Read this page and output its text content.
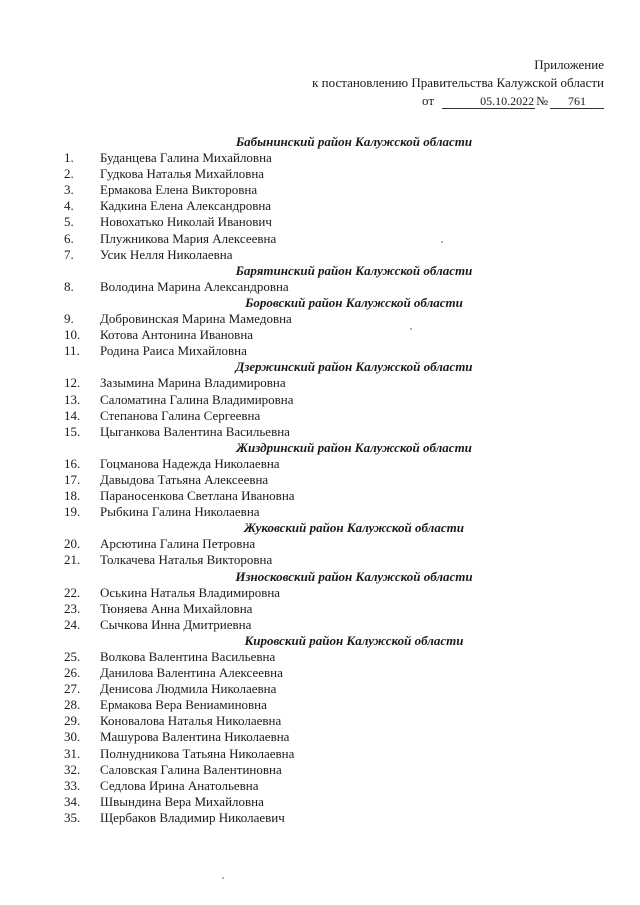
Приложение
к постановлению Правительства Калужской области
от	05.10.2022 №	761
Бабынинский район Калужской области
1.	Буданцева Галина Михайловна
2.	Гудкова Наталья Михайловна
3.	Ермакова Елена Викторовна
4.	Кадкина Елена Александровна
5.	Новохатько Николай Иванович
6.	Плужникова Мария Алексеевна
7.	Усик Нелля Николаевна
Барятинский район Калужской области
8.	Володина Марина Александровна
Боровский район Калужской области
9.	Добровинская Марина Мамедовна
10.	Котова Антонина Ивановна
11.	Родина Раиса Михайловна
Дзержинский район Калужской области
12.	Зазымина Марина Владимировна
13.	Саломатина Галина Владимировна
14.	Степанова Галина Сергеевна
15.	Цыганкова Валентина Васильевна
Жиздринский район Калужской области
16.	Гоцманова Надежда Николаевна
17.	Давыдова Татьяна Алексеевна
18.	Параносенкова Светлана Ивановна
19.	Рыбкина Галина Николаевна
Жуковский район Калужской области
20.	Арсютина Галина Петровна
21.	Толкачева Наталья Викторовна
Износковский район Калужской области
22.	Оськина Наталья Владимировна
23.	Тюняева Анна Михайловна
24.	Сычкова Инна Дмитриевна
Кировский район Калужской области
25.	Волкова Валентина Васильевна
26.	Данилова Валентина Алексеевна
27.	Денисова Людмила Николаевна
28.	Ермакова Вера Вениаминовна
29.	Коновалова Наталья Николаевна
30.	Машурова Валентина Николаевна
31.	Полнудникова Татьяна Николаевна
32.	Саловская Галина Валентиновна
33.	Седлова Ирина Анатольевна
34.	Швындина Вера Михайловна
35.	Щербаков Владимир Николаевич
